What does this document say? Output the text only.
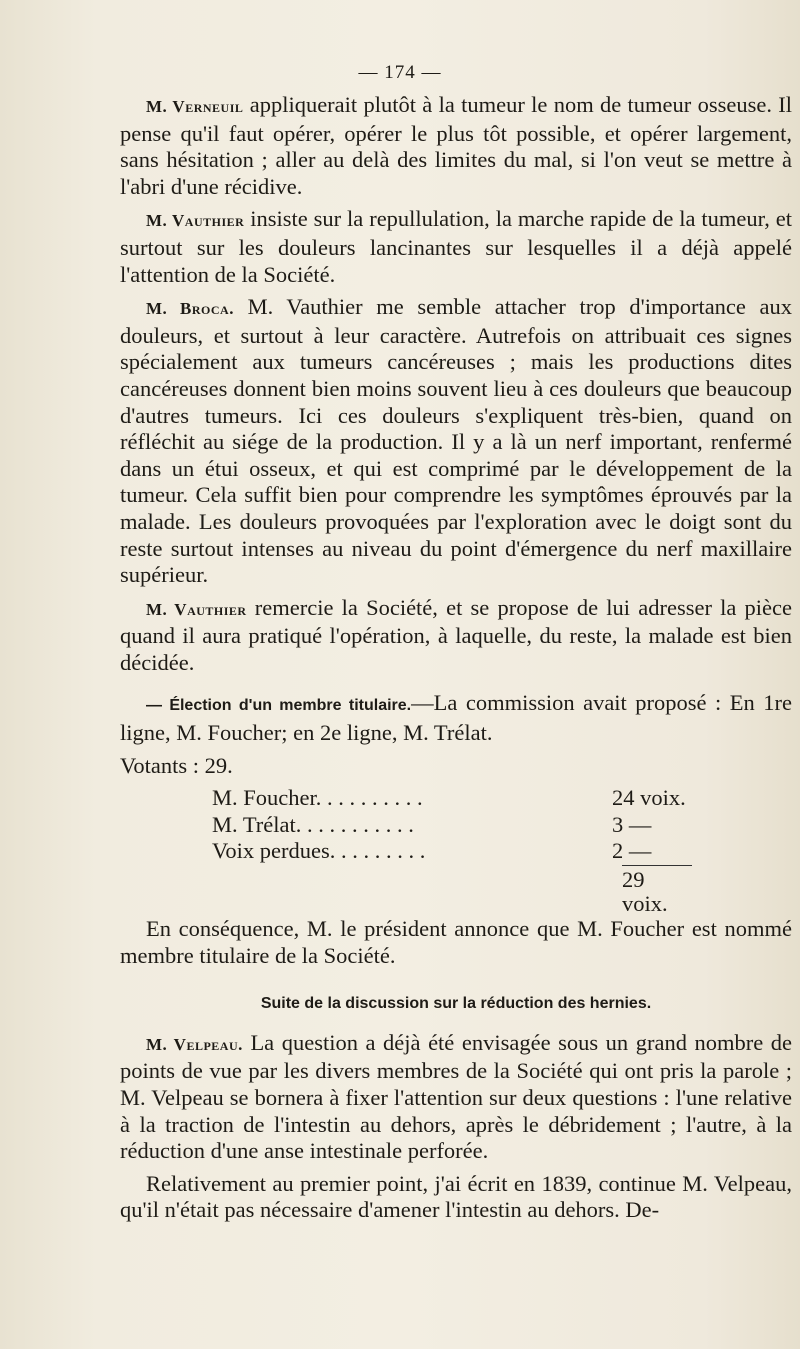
— 174 —

M. Verneuil appliquerait plutôt à la tumeur le nom de tumeur osseuse. Il pense qu'il faut opérer, opérer le plus tôt possible, et opérer largement, sans hésitation ; aller au delà des limites du mal, si l'on veut se mettre à l'abri d'une récidive.

M. Vauthier insiste sur la repullulation, la marche rapide de la tumeur, et surtout sur les douleurs lancinantes sur lesquelles il a déjà appelé l'attention de la Société.

M. Broca. M. Vauthier me semble attacher trop d'importance aux douleurs, et surtout à leur caractère. Autrefois on attribuait ces signes spécialement aux tumeurs cancéreuses ; mais les productions dites cancéreuses donnent bien moins souvent lieu à ces douleurs que beaucoup d'autres tumeurs. Ici ces douleurs s'expliquent très-bien, quand on réfléchit au siége de la production. Il y a là un nerf important, renfermé dans un étui osseux, et qui est comprimé par le développement de la tumeur. Cela suffit bien pour comprendre les symptômes éprouvés par la malade. Les douleurs provoquées par l'exploration avec le doigt sont du reste surtout intenses au niveau du point d'émergence du nerf maxillaire supérieur.

M. Vauthier remercie la Société, et se propose de lui adresser la pièce quand il aura pratiqué l'opération, à laquelle, du reste, la malade est bien décidée.

— Élection d'un membre titulaire.—La commission avait proposé : En 1re ligne, M. Foucher; en 2e ligne, M. Trélat.

Votants : 29.

M. Foucher. . . . . . . . . .	24 voix.
M. Trélat. . . . . . . . . . .	3 —
Voix perdues. . . . . . . . .	2 —
29 voix.

En conséquence, M. le président annonce que M. Foucher est nommé membre titulaire de la Société.

Suite de la discussion sur la réduction des hernies.

M. Velpeau. La question a déjà été envisagée sous un grand nombre de points de vue par les divers membres de la Société qui ont pris la parole ; M. Velpeau se bornera à fixer l'attention sur deux questions : l'une relative à la traction de l'intestin au dehors, après le débridement ; l'autre, à la réduction d'une anse intestinale perforée.

Relativement au premier point, j'ai écrit en 1839, continue M. Velpeau, qu'il n'était pas nécessaire d'amener l'intestin au dehors. De-
